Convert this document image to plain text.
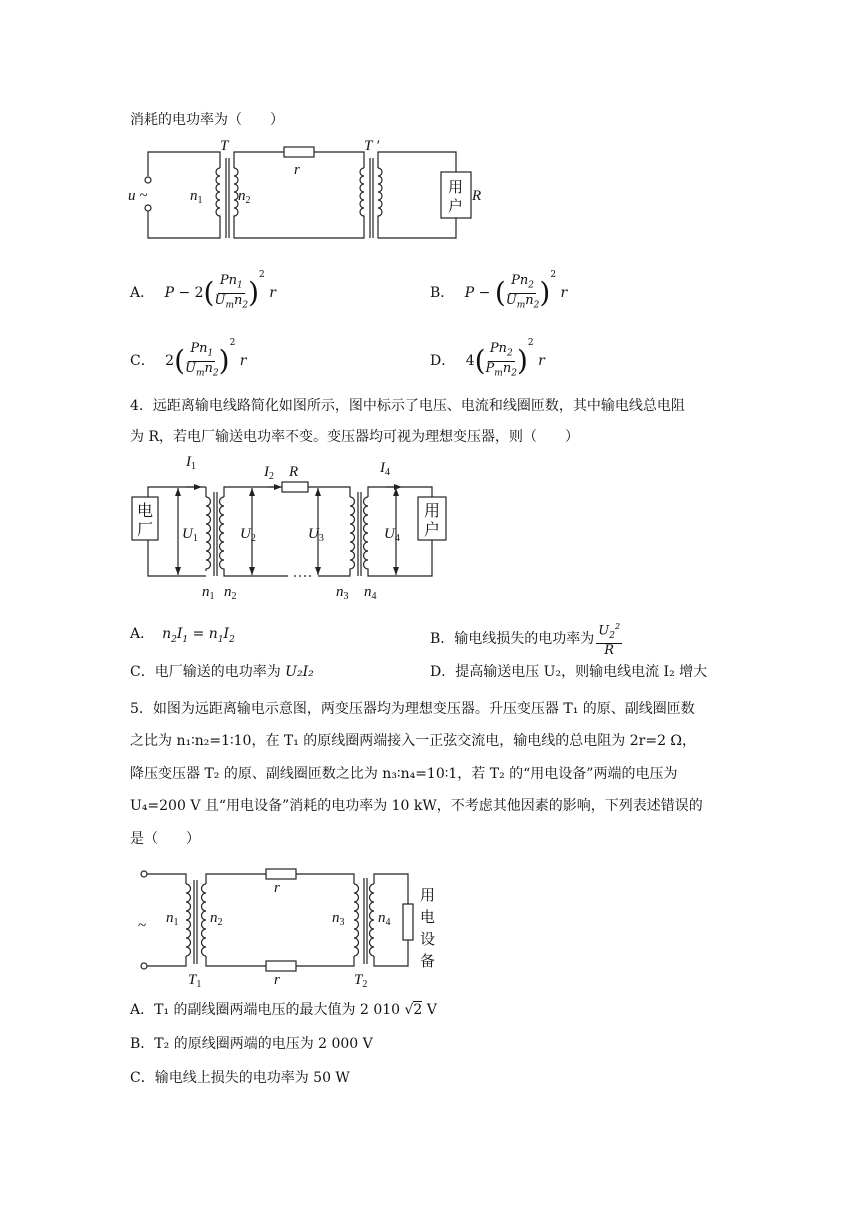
消耗的电功率为（　　）
T
r
T ′
u ~	$n_1$ $n_2$	R
用
户
A． $P - 2( \frac{Pn_1}{U_mn_2} )^2$ r	B． P − ( $\frac{Pn_2}{U_mn_2} )^2$ r
C． $2( \frac{Pn_1}{U_mn_2} )^2$ r	D． $4( \frac{Pn_2}{P_mn_2} )^2$ r
4．远距离输电线路简化如图所示，图中标示了电压、电流和线圈匝数，其中输电线总电阻
为 R，若电厂输送电功率不变。变压器均可视为理想变压器，则（　　）
$I_1$	$I_2$ R	$I_4$
$U_1$	$U_2$	$U_3$	$U_4$
$n_1$ $n_2$	$n_3$ $n_4$
电
厂
用
户
A． $n_2I_1 = n_1I_2$	B．输电线损失的电功率为 $\frac{U_2^2}{R}$
C．电厂输送的电功率为 U₂I₂	D．提高输送电压 U₂，则输电线电流 I₂ 增大
5．如图为远距离输电示意图，两变压器均为理想变压器。升压变压器 T₁ 的原、副线圈匝数
之比为 n₁∶n₂=1∶10，在 T₁ 的原线圈两端接入一正弦交流电，输电线的总电阻为 2r=2 Ω，
降压变压器 T₂ 的原、副线圈匝数之比为 n₃∶n₄=10∶1，若 T₂ 的“用电设备”两端的电压为
U₄=200 V 且“用电设备”消耗的电功率为 10 kW，不考虑其他因素的影响，下列表述错误的
是（　　）
~
r
r
$n_1$ $n_2$	$n_3$ $n_4$
$T_1$	$T_2$
用
电
设
备
A．T₁ 的副线圈两端电压的最大值为 2 010 √2 V
B．T₂ 的原线圈两端的电压为 2 000 V
C．输电线上损失的电功率为 50 W
